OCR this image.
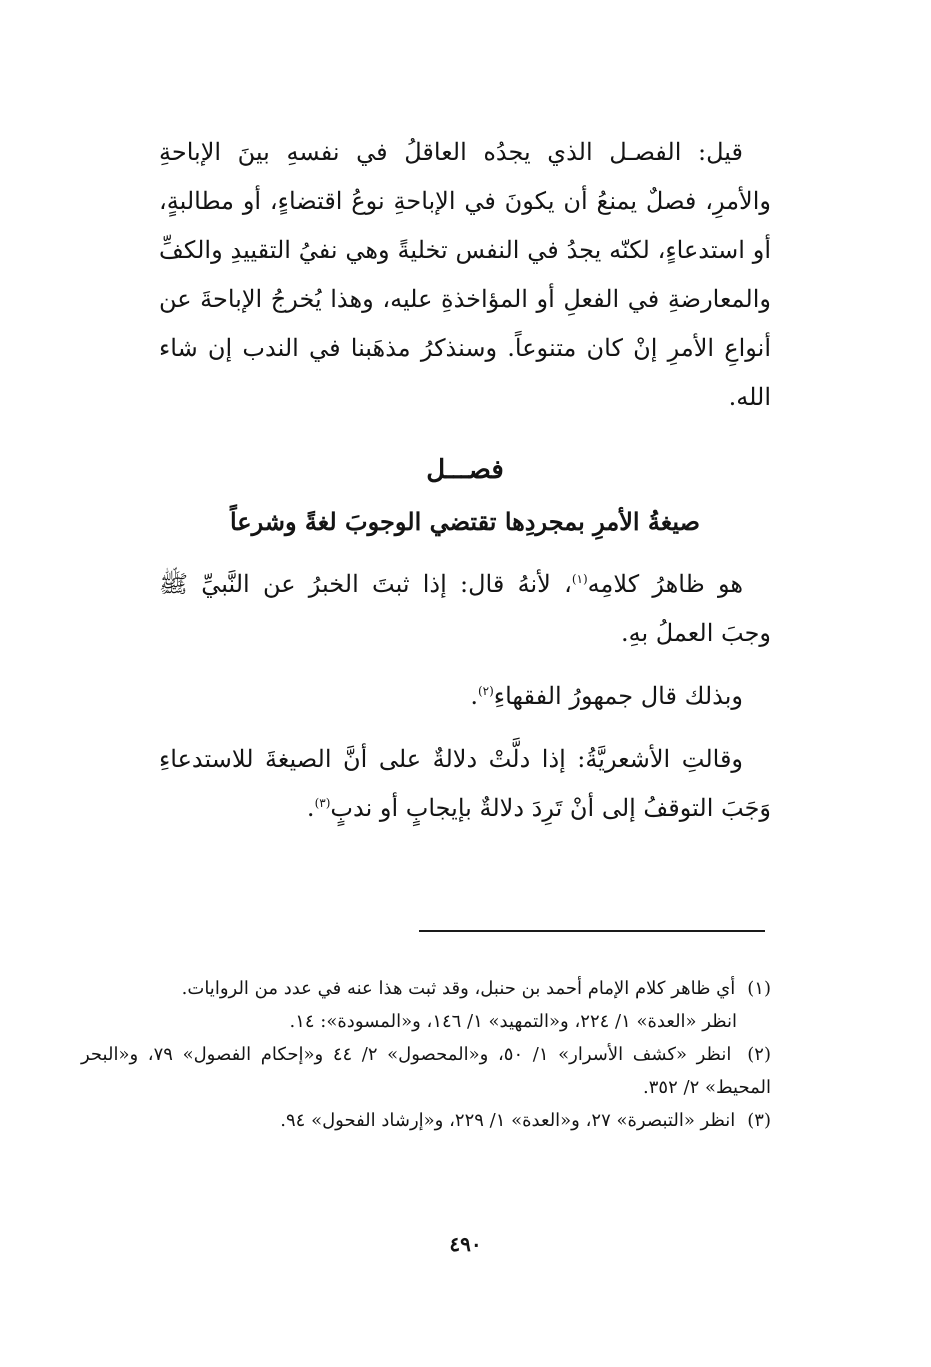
قيل: الفصـل الذي يجدُه العاقلُ في نفسهِ بينَ الإباحةِ والأمرِ، فصلٌ يمنعُ أن يكونَ في الإباحةِ نوعُ اقتضاءٍ، أو مطالبةٍ، أو استدعاءٍ، لكنّه يجدُ في النفس تخليةً وهي نفيُ التقييدِ والكفِّ والمعارضةِ في الفعلِ أو المؤاخذةِ عليه، وهذا يُخرجُ الإباحةَ عن أنواعِ الأمرِ إنْ كان متنوعاً. وسنذكرُ مذهَبنا في الندب إن شاء الله.

فصـــل
صيغةُ الأمرِ بمجردِها تقتضي الوجوبَ لغةً وشرعاً

هو ظاهرُ كلامِه$^{(١)}$، لأنهُ قال: إذا ثبتَ الخبرُ عن النَّبيِّ ﷺ وجبَ العملُ بهِ.

وبذلك قال جمهورُ الفقهاءِ$^{(٢)}$.

وقالتِ الأشعريَّةُ: إذا دلَّتْ دلالةٌ على أنَّ الصيغةَ للاستدعاءِ وَجَبَ التوقفُ إلى أنْ تَرِدَ دلالةٌ بإيجابٍ أو ندبٍ$^{(٣)}$.

(١) أي ظاهر كلام الإمام أحمد بن حنبل، وقد ثبت هذا عنه في عدد من الروايات.

انظر «العدة» ١/ ٢٢٤، و«التمهيد» ١/ ١٤٦، و«المسودة»: ١٤.

(٢) انظر «كشف الأسرار» ١/ ٥٠، و«المحصول» ٢/ ٤٤ و«إحكام الفصول» ٧٩، و«البحر المحيط» ٢/ ٣٥٢.

(٣) انظر «التبصرة» ٢٧، و«العدة» ١/ ٢٢٩، و«إرشاد الفحول» ٩٤.

٤٩٠
